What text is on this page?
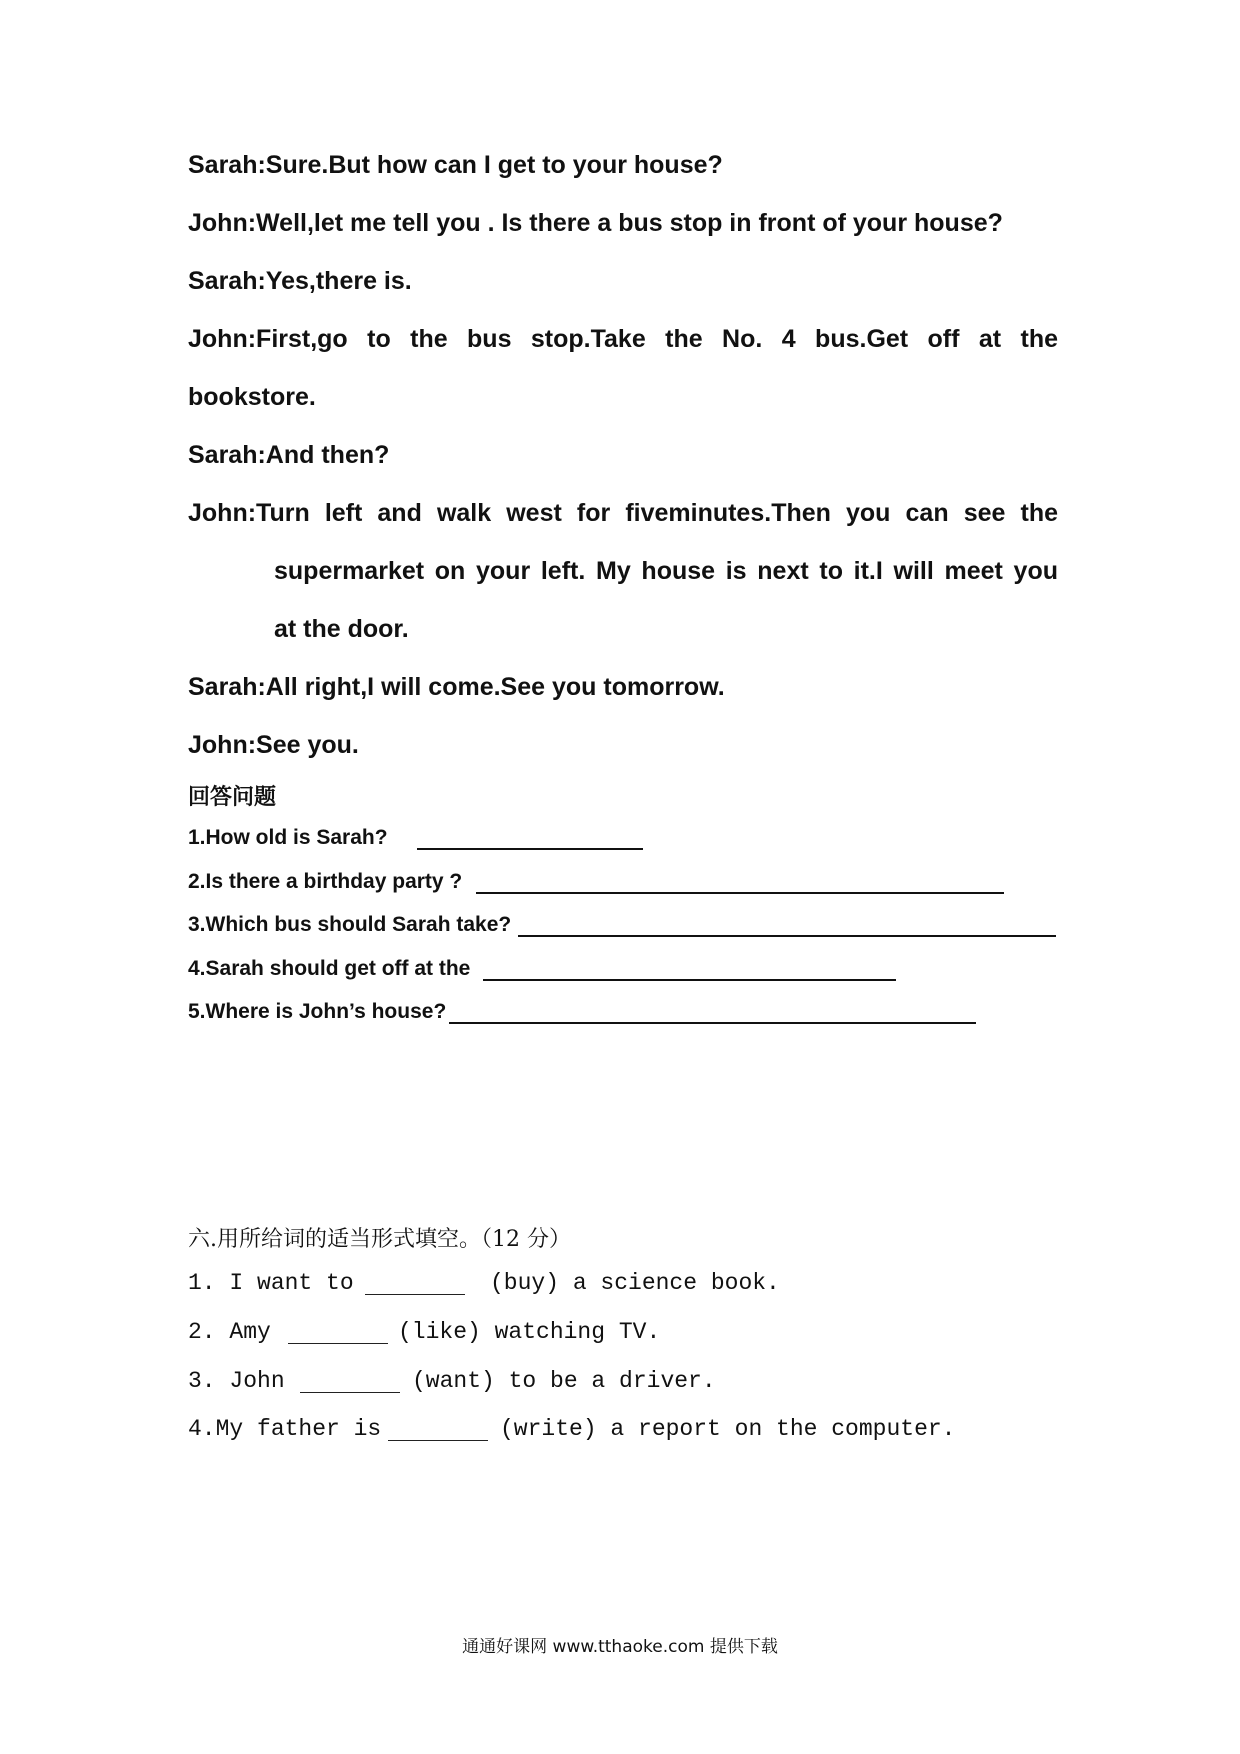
Sarah:Sure.But how can I get to your house?
John:Well,let me tell you . Is there a bus stop in front of your house?
Sarah:Yes,there is.
John:First,go to the bus stop.Take the No. 4 bus.Get off at the
bookstore.
Sarah:And then?
John:Turn left and walk west for fiveminutes.Then you can see the
supermarket on your left. My house is next to it.I will meet you
at the door.
Sarah:All right,I will come.See you tomorrow.
John:See you.
回答问题
1.How old is Sarah?
2.Is there a birthday party ?
3.Which bus should Sarah take?
4.Sarah should get off at the
5.Where is John’s house?
六.用所给词的适当形式填空。（12 分）
1. I want to	(buy) a science book.
2. Amy	(like) watching TV.
3. John	(want) to be a driver.
4.My father is	(write) a report on the computer.
通通好课网 www.tthaoke.com 提供下载
